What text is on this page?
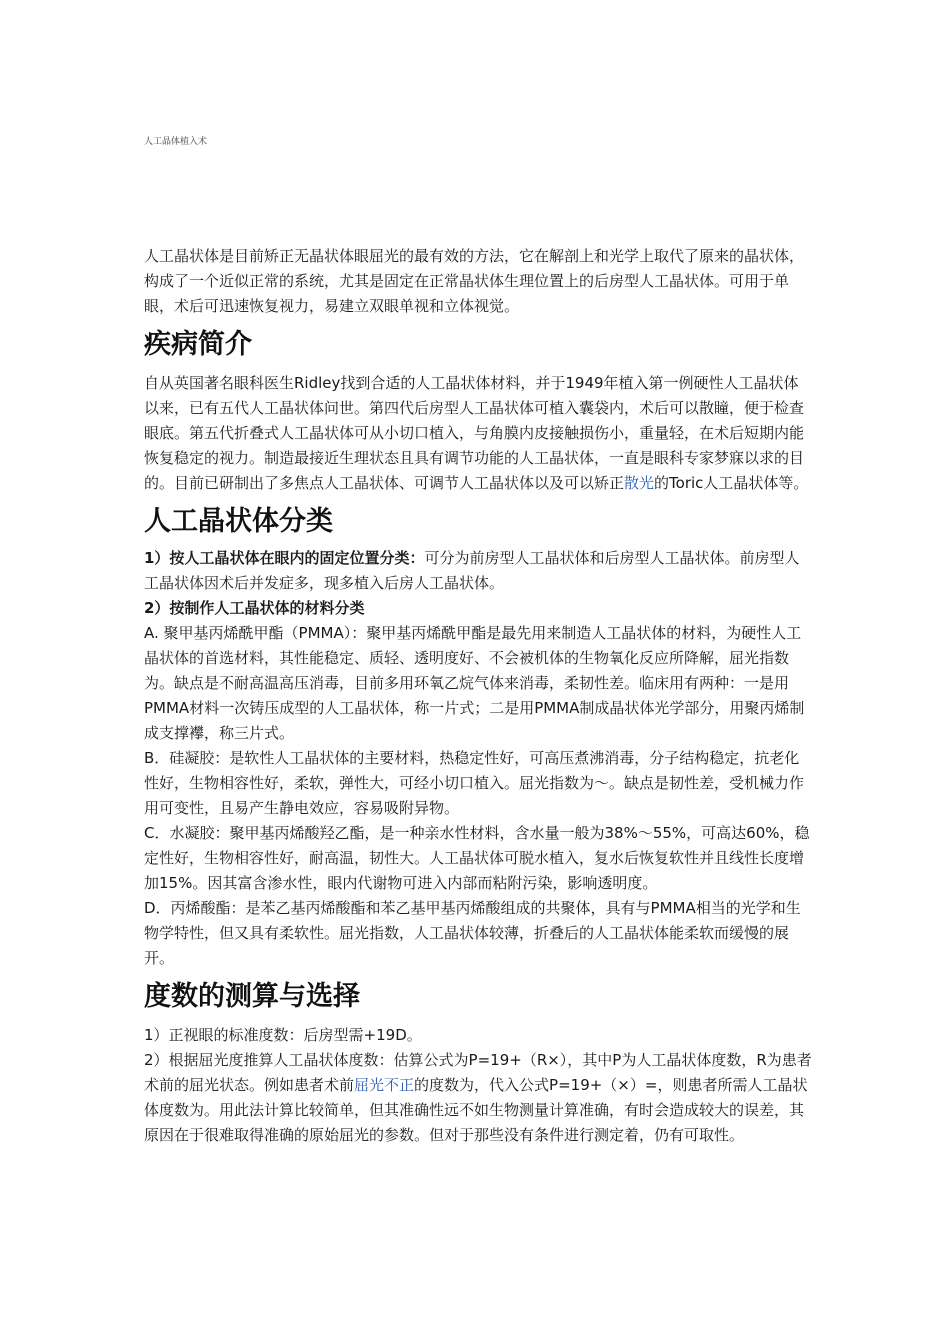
人工晶体植入术

人工晶状体是目前矫正无晶状体眼屈光的最有效的方法，它在解剖上和光学上取代了原来的晶状体，构成了一个近似正常的系统，尤其是固定在正常晶状体生理位置上的后房型人工晶状体。可用于单眼，术后可迅速恢复视力，易建立双眼单视和立体视觉。

疾病简介

自从英国著名眼科医生Ridley找到合适的人工晶状体材料，并于1949年植入第一例硬性人工晶状体以来，已有五代人工晶状体问世。第四代后房型人工晶状体可植入囊袋内，术后可以散瞳，便于检查眼底。第五代折叠式人工晶状体可从小切口植入，与角膜内皮接触损伤小，重量轻，在术后短期内能恢复稳定的视力。制造最接近生理状态且具有调节功能的人工晶状体，一直是眼科专家梦寐以求的目的。目前已研制出了多焦点人工晶状体、可调节人工晶状体以及可以矫正散光的Toric人工晶状体等。

人工晶状体分类

1）按人工晶状体在眼内的固定位置分类：可分为前房型人工晶状体和后房型人工晶状体。前房型人工晶状体因术后并发症多，现多植入后房人工晶状体。

2）按制作人工晶状体的材料分类

A. 聚甲基丙烯酰甲酯（PMMA）：聚甲基丙烯酰甲酯是最先用来制造人工晶状体的材料，为硬性人工晶状体的首选材料，其性能稳定、质轻、透明度好、不会被机体的生物氧化反应所降解，屈光指数为。缺点是不耐高温高压消毒，目前多用环氧乙烷气体来消毒，柔韧性差。临床用有两种：一是用PMMA材料一次铸压成型的人工晶状体，称一片式；二是用PMMA制成晶状体光学部分，用聚丙烯制成支撑襻，称三片式。

B．硅凝胶：是软性人工晶状体的主要材料，热稳定性好，可高压煮沸消毒，分子结构稳定，抗老化性好，生物相容性好，柔软，弹性大，可经小切口植入。屈光指数为～。缺点是韧性差，受机械力作用可变性，且易产生静电效应，容易吸附异物。

C．水凝胶：聚甲基丙烯酸羟乙酯，是一种亲水性材料，含水量一般为38%～55%，可高达60%，稳定性好，生物相容性好，耐高温，韧性大。人工晶状体可脱水植入，复水后恢复软性并且线性长度增加15%。因其富含渗水性，眼内代谢物可进入内部而粘附污染，影响透明度。

D．丙烯酸酯：是苯乙基丙烯酸酯和苯乙基甲基丙烯酸组成的共聚体，具有与PMMA相当的光学和生物学特性，但又具有柔软性。屈光指数，人工晶状体较薄，折叠后的人工晶状体能柔软而缓慢的展开。

度数的测算与选择

1）正视眼的标准度数：后房型需+19D。

2）根据屈光度推算人工晶状体度数：估算公式为P=19+（R×），其中P为人工晶状体度数，R为患者术前的屈光状态。例如患者术前屈光不正的度数为，代入公式P=19+（×）=，则患者所需人工晶状体度数为。用此法计算比较简单，但其准确性远不如生物测量计算准确，有时会造成较大的误差，其原因在于很难取得准确的原始屈光的参数。但对于那些没有条件进行测定着，仍有可取性。
